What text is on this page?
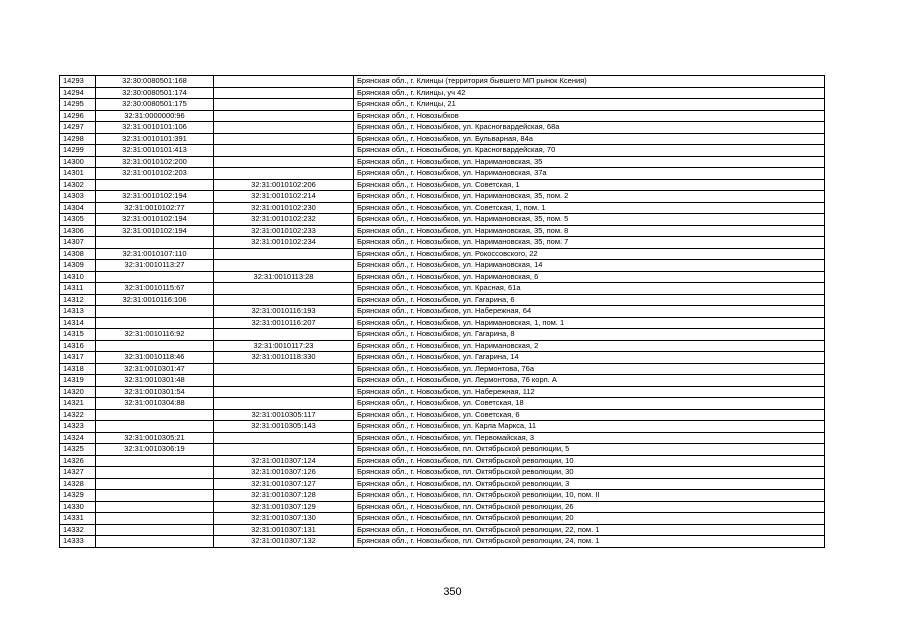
14293	32:30:0080501:168		Брянская обл., г. Клинцы (территория бывшего МП рынок Ксения)
14294	32:30:0080501:174		Брянская обл., г. Клинцы, уч 42
14295	32:30:0080501:175		Брянская обл., г. Клинцы, 21
14296	32:31:0000000:96		Брянская обл., г. Новозыбков
14297	32:31:0010101:106		Брянская обл., г. Новозыбков, ул. Красногвардейская, 68а
14298	32:31:0010101:391		Брянская обл., г. Новозыбков, ул. Бульварная, 84а
14299	32:31:0010101:413		Брянская обл., г. Новозыбков, ул. Красногвардейская, 70
14300	32:31:0010102:200		Брянская обл., г. Новозыбков, ул. Наримановская, 35
14301	32:31:0010102:203		Брянская обл., г. Новозыбков, ул. Наримановская, 37а
14302		32:31:0010102:206	Брянская обл., г. Новозыбков, ул. Советская, 1
14303	32:31:0010102:194	32:31:0010102:214	Брянская обл., г. Новозыбков, ул. Наримановская, 35, пом. 2
14304	32:31:0010102:77	32:31:0010102:230	Брянская обл., г. Новозыбков, ул. Советская, 1, пом. 1
14305	32:31:0010102:194	32:31:0010102:232	Брянская обл., г. Новозыбков, ул. Наримановская, 35, пом. 5
14306	32:31:0010102:194	32:31:0010102:233	Брянская обл., г. Новозыбков, ул. Наримановская, 35, пом. 8
14307		32:31:0010102:234	Брянская обл., г. Новозыбков, ул. Наримановская, 35, пом. 7
14308	32:31:0010107:110		Брянская обл., г. Новозыбков, ул. Рокоссовского, 22
14309	32:31:0010113:27		Брянская обл., г. Новозыбков, ул. Наримановская, 14
14310		32:31:0010113:28	Брянская обл., г. Новозыбков, ул. Наримановская, 6
14311	32:31:0010115:67		Брянская обл., г. Новозыбков, ул. Красная, 61а
14312	32:31:0010116:106		Брянская обл., г. Новозыбков, ул. Гагарина, 6
14313		32:31:0010116:193	Брянская обл., г. Новозыбков, ул. Набережная, 64
14314		32:31:0010116:207	Брянская обл., г. Новозыбков, ул. Наримановская, 1, пом. 1
14315	32:31:0010116:92		Брянская обл., г. Новозыбков, ул. Гагарина, 8
14316		32:31:0010117:23	Брянская обл., г. Новозыбков, ул. Наримановская, 2
14317	32:31:0010118:46	32:31:0010118:330	Брянская обл., г. Новозыбков, ул. Гагарина, 14
14318	32:31:0010301:47		Брянская обл., г. Новозыбков, ул. Лермонтова, 76а
14319	32:31:0010301:48		Брянская обл., г. Новозыбков, ул. Лермонтова, 76 корп. А
14320	32:31:0010301:54		Брянская обл., г. Новозыбков, ул. Набережная, 112
14321	32:31:0010304:88		Брянская обл., г. Новозыбков, ул. Советская, 18
14322		32:31:0010305:117	Брянская обл., г. Новозыбков, ул. Советская, 6
14323		32:31:0010305:143	Брянская обл., г. Новозыбков, ул. Карла Маркса, 11
14324	32:31:0010305:21		Брянская обл., г. Новозыбков, ул. Первомайская, 3
14325	32:31:0010306:19		Брянская обл., г. Новозыбков, пл. Октябрьской революции, 5
14326		32:31:0010307:124	Брянская обл., г. Новозыбков, пл. Октябрьской революции, 10
14327		32:31:0010307:126	Брянская обл., г. Новозыбков, пл. Октябрьской революции, 30
14328		32:31:0010307:127	Брянская обл., г. Новозыбков, пл. Октябрьской революции, 3
14329		32:31:0010307:128	Брянская обл., г. Новозыбков, пл. Октябрьской революции, 10, пом. II
14330		32:31:0010307:129	Брянская обл., г. Новозыбков, пл. Октябрьской революции, 26
14331		32:31:0010307:130	Брянская обл., г. Новозыбков, пл. Октябрьской революции, 20
14332		32:31:0010307:131	Брянская обл., г. Новозыбков, пл. Октябрьской революции, 22, пом. 1
14333		32:31:0010307:132	Брянская обл., г. Новозыбков, пл. Октябрьской революции, 24, пом. 1
350
